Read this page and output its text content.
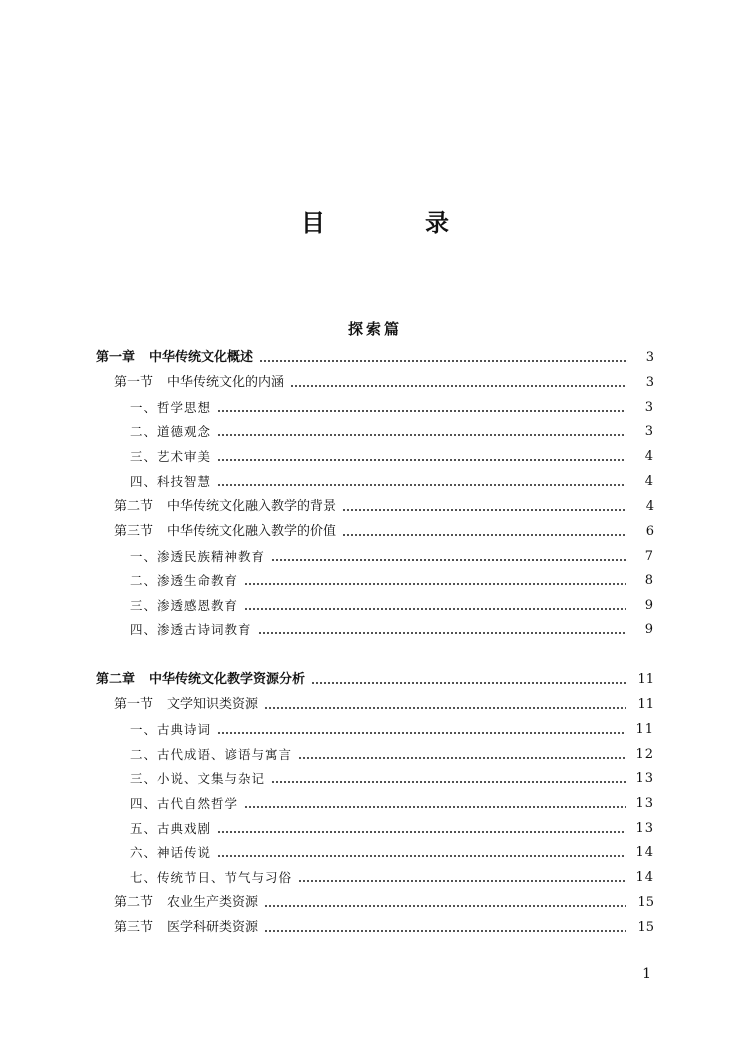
目　录
探索篇
第一章 中华传统文化概述	3
第一节 中华传统文化的内涵	3
一、哲学思想	3
二、道德观念	3
三、艺术审美	4
四、科技智慧	4
第二节 中华传统文化融入教学的背景	4
第三节 中华传统文化融入教学的价值	6
一、渗透民族精神教育	7
二、渗透生命教育	8
三、渗透感恩教育	9
四、渗透古诗词教育	9
第二章 中华传统文化教学资源分析	11
第一节 文学知识类资源	11
一、古典诗词	11
二、古代成语、谚语与寓言	12
三、小说、文集与杂记	13
四、古代自然哲学	13
五、古典戏剧	13
六、神话传说	14
七、传统节日、节气与习俗	14
第二节 农业生产类资源	15
第三节 医学科研类资源	15
1
